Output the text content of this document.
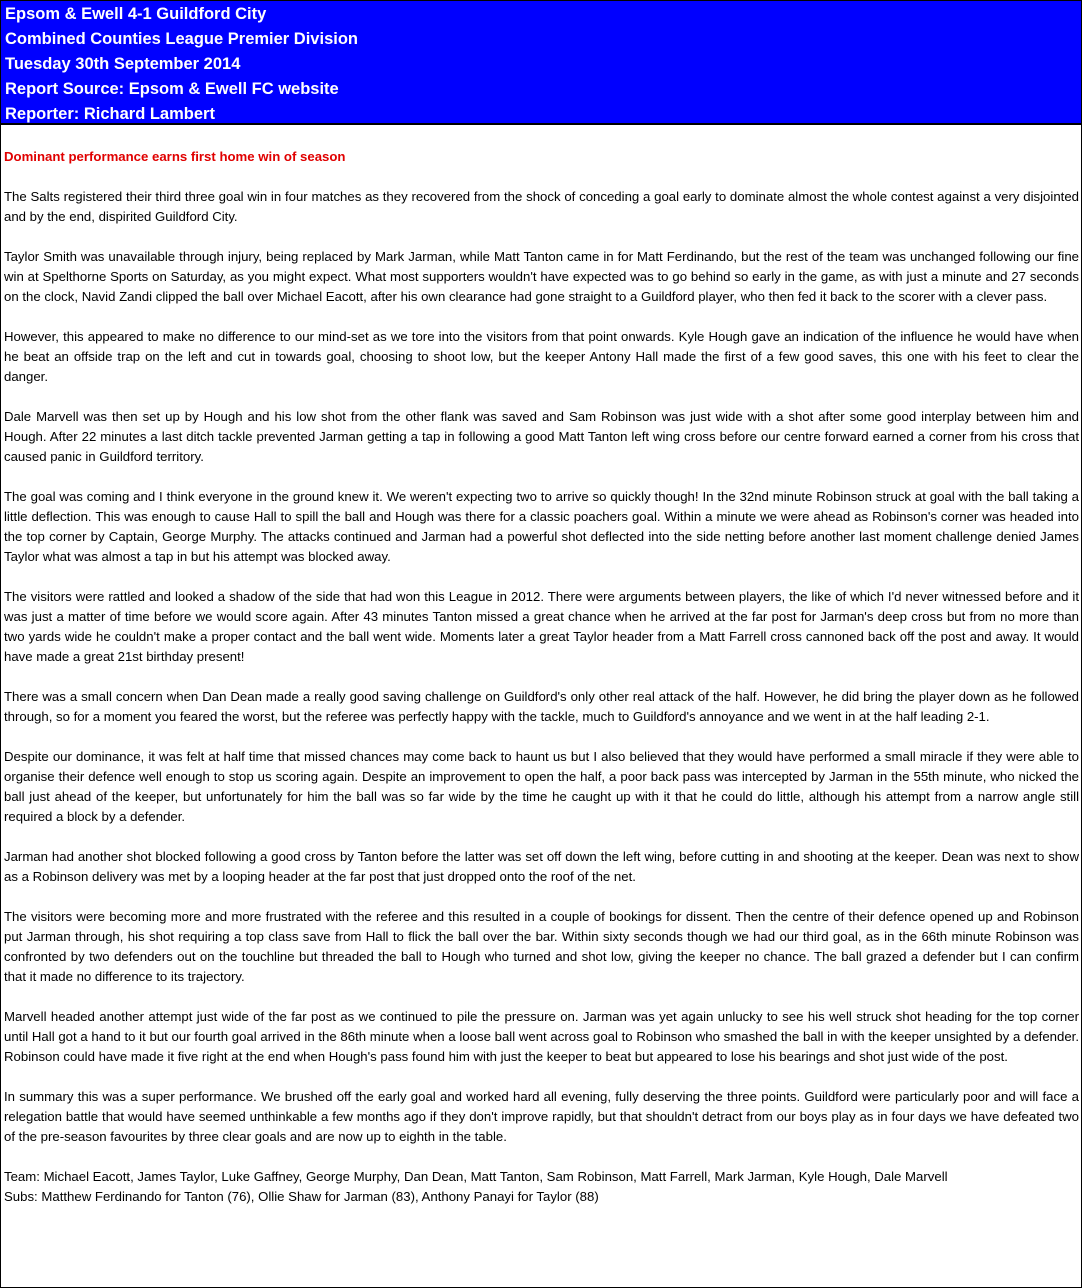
Epsom & Ewell 4-1 Guildford City
Combined Counties League Premier Division
Tuesday 30th September 2014
Report Source: Epsom & Ewell FC website
Reporter: Richard Lambert
Dominant performance earns first home win of season

The Salts registered their third three goal win in four matches as they recovered from the shock of conceding a goal early to dominate almost the whole contest against a very disjointed and by the end, dispirited Guildford City.

Taylor Smith was unavailable through injury, being replaced by Mark Jarman, while Matt Tanton came in for Matt Ferdinando, but the rest of the team was unchanged following our fine win at Spelthorne Sports on Saturday, as you might expect. What most supporters wouldn't have expected was to go behind so early in the game, as with just a minute and 27 seconds on the clock, Navid Zandi clipped the ball over Michael Eacott, after his own clearance had gone straight to a Guildford player, who then fed it back to the scorer with a clever pass.

However, this appeared to make no difference to our mind-set as we tore into the visitors from that point onwards. Kyle Hough gave an indication of the influence he would have when he beat an offside trap on the left and cut in towards goal, choosing to shoot low, but the keeper Antony Hall made the first of a few good saves, this one with his feet to clear the danger.

Dale Marvell was then set up by Hough and his low shot from the other flank was saved and Sam Robinson was just wide with a shot after some good interplay between him and Hough. After 22 minutes a last ditch tackle prevented Jarman getting a tap in following a good Matt Tanton left wing cross before our centre forward earned a corner from his cross that caused panic in Guildford territory.

The goal was coming and I think everyone in the ground knew it. We weren't expecting two to arrive so quickly though! In the 32nd minute Robinson struck at goal with the ball taking a little deflection. This was enough to cause Hall to spill the ball and Hough was there for a classic poachers goal. Within a minute we were ahead as Robinson's corner was headed into the top corner by Captain, George Murphy. The attacks continued and Jarman had a powerful shot deflected into the side netting before another last moment challenge denied James Taylor what was almost a tap in but his attempt was blocked away.

The visitors were rattled and looked a shadow of the side that had won this League in 2012. There were arguments between players, the like of which I'd never witnessed before and it was just a matter of time before we would score again. After 43 minutes Tanton missed a great chance when he arrived at the far post for Jarman's deep cross but from no more than two yards wide he couldn't make a proper contact and the ball went wide. Moments later a great Taylor header from a Matt Farrell cross cannoned back off the post and away. It would have made a great 21st birthday present!

There was a small concern when Dan Dean made a really good saving challenge on Guildford's only other real attack of the half. However, he did bring the player down as he followed through, so for a moment you feared the worst, but the referee was perfectly happy with the tackle, much to Guildford's annoyance and we went in at the half leading 2-1.

Despite our dominance, it was felt at half time that missed chances may come back to haunt us but I also believed that they would have performed a small miracle if they were able to organise their defence well enough to stop us scoring again. Despite an improvement to open the half, a poor back pass was intercepted by Jarman in the 55th minute, who nicked the ball just ahead of the keeper, but unfortunately for him the ball was so far wide by the time he caught up with it that he could do little, although his attempt from a narrow angle still required a block by a defender.

Jarman had another shot blocked following a good cross by Tanton before the latter was set off down the left wing, before cutting in and shooting at the keeper. Dean was next to show as a Robinson delivery was met by a looping header at the far post that just dropped onto the roof of the net.

The visitors were becoming more and more frustrated with the referee and this resulted in a couple of bookings for dissent. Then the centre of their defence opened up and Robinson put Jarman through, his shot requiring a top class save from Hall to flick the ball over the bar. Within sixty seconds though we had our third goal, as in the 66th minute Robinson was confronted by two defenders out on the touchline but threaded the ball to Hough who turned and shot low, giving the keeper no chance. The ball grazed a defender but I can confirm that it made no difference to its trajectory.

Marvell headed another attempt just wide of the far post as we continued to pile the pressure on. Jarman was yet again unlucky to see his well struck shot heading for the top corner until Hall got a hand to it but our fourth goal arrived in the 86th minute when a loose ball went across goal to Robinson who smashed the ball in with the keeper unsighted by a defender. Robinson could have made it five right at the end when Hough's pass found him with just the keeper to beat but appeared to lose his bearings and shot just wide of the post.

In summary this was a super performance. We brushed off the early goal and worked hard all evening, fully deserving the three points. Guildford were particularly poor and will face a relegation battle that would have seemed unthinkable a few months ago if they don't improve rapidly, but that shouldn't detract from our boys play as in four days we have defeated two of the pre-season favourites by three clear goals and are now up to eighth in the table.

Team: Michael Eacott, James Taylor, Luke Gaffney, George Murphy, Dan Dean, Matt Tanton, Sam Robinson, Matt Farrell, Mark Jarman, Kyle Hough, Dale Marvell
Subs: Matthew Ferdinando for Tanton (76), Ollie Shaw for Jarman (83), Anthony Panayi for Taylor (88)
